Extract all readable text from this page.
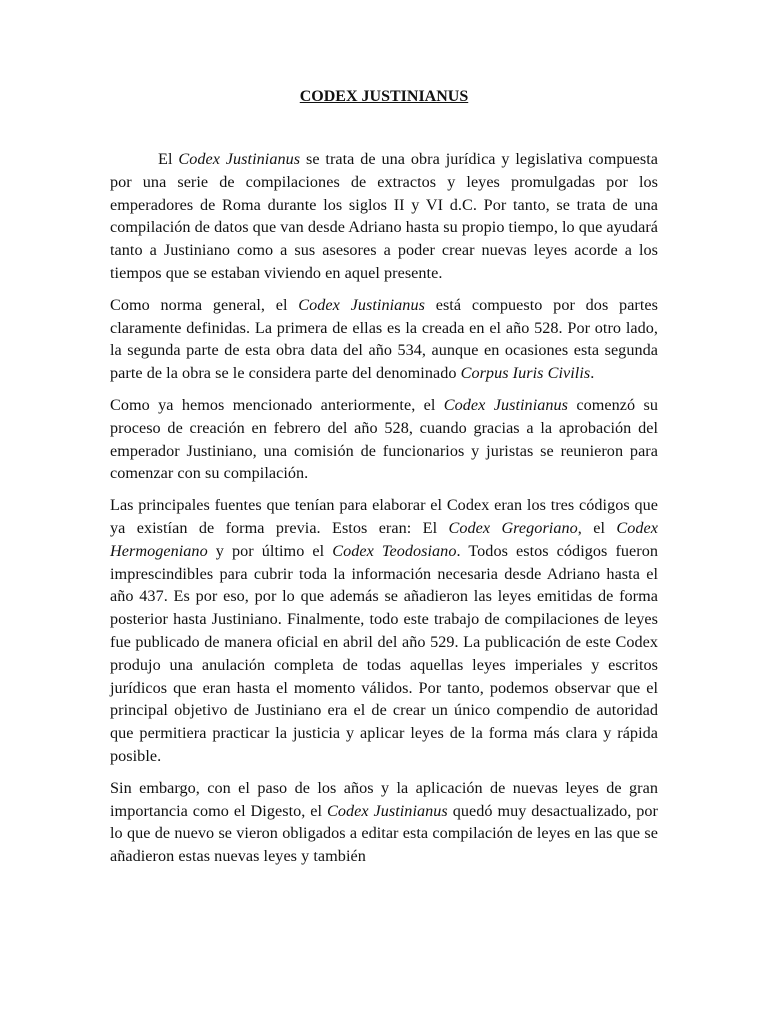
CODEX JUSTINIANUS

El Codex Justinianus se trata de una obra jurídica y legislativa compuesta por una serie de compilaciones de extractos y leyes promulgadas por los emperadores de Roma durante los siglos II y VI d.C. Por tanto, se trata de una compilación de datos que van desde Adriano hasta su propio tiempo, lo que ayudará tanto a Justiniano como a sus asesores a poder crear nuevas leyes acorde a los tiempos que se estaban viviendo en aquel presente.

Como norma general, el Codex Justinianus está compuesto por dos partes claramente definidas. La primera de ellas es la creada en el año 528. Por otro lado, la segunda parte de esta obra data del año 534, aunque en ocasiones esta segunda parte de la obra se le considera parte del denominado Corpus Iuris Civilis.

Como ya hemos mencionado anteriormente, el Codex Justinianus comenzó su proceso de creación en febrero del año 528, cuando gracias a la aprobación del emperador Justiniano, una comisión de funcionarios y juristas se reunieron para comenzar con su compilación.

Las principales fuentes que tenían para elaborar el Codex eran los tres códigos que ya existían de forma previa. Estos eran: El Codex Gregoriano, el Codex Hermogeniano y por último el Codex Teodosiano. Todos estos códigos fueron imprescindibles para cubrir toda la información necesaria desde Adriano hasta el año 437. Es por eso, por lo que además se añadieron las leyes emitidas de forma posterior hasta Justiniano. Finalmente, todo este trabajo de compilaciones de leyes fue publicado de manera oficial en abril del año 529. La publicación de este Codex produjo una anulación completa de todas aquellas leyes imperiales y escritos jurídicos que eran hasta el momento válidos. Por tanto, podemos observar que el principal objetivo de Justiniano era el de crear un único compendio de autoridad que permitiera practicar la justicia y aplicar leyes de la forma más clara y rápida posible.

Sin embargo, con el paso de los años y la aplicación de nuevas leyes de gran importancia como el Digesto, el Codex Justinianus quedó muy desactualizado, por lo que de nuevo se vieron obligados a editar esta compilación de leyes en las que se añadieron estas nuevas leyes y también
